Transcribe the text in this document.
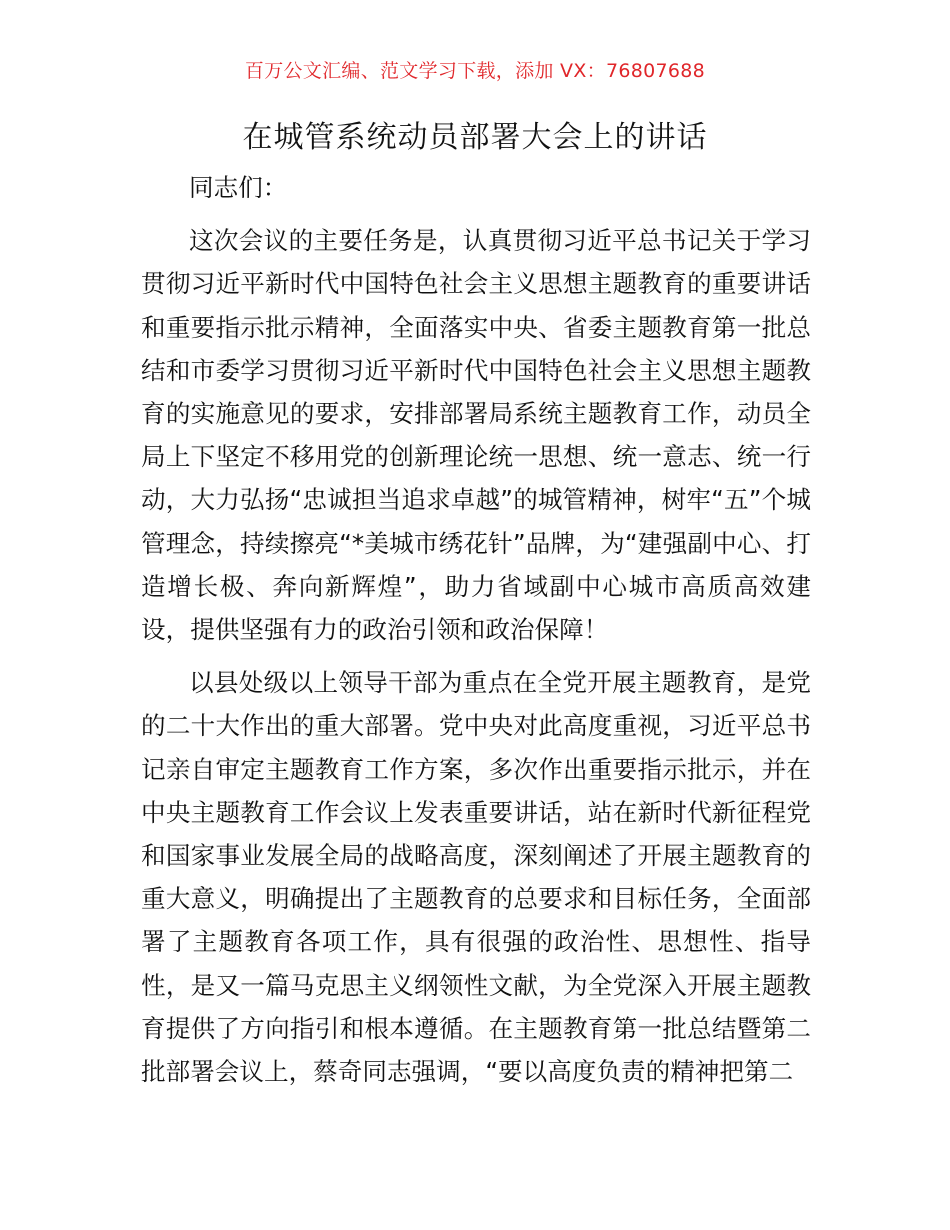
百万公文汇编、范文学习下载，添加 VX：76807688
在城管系统动员部署大会上的讲话

同志们：

这次会议的主要任务是，认真贯彻习近平总书记关于学习贯彻习近平新时代中国特色社会主义思想主题教育的重要讲话和重要指示批示精神，全面落实中央、省委主题教育第一批总结和市委学习贯彻习近平新时代中国特色社会主义思想主题教育的实施意见的要求，安排部署局系统主题教育工作，动员全局上下坚定不移用党的创新理论统一思想、统一意志、统一行动，大力弘扬“忠诚担当追求卓越”的城管精神，树牢“五”个城管理念，持续擦亮“*美城市绣花针”品牌，为“建强副中心、打造增长极、奔向新辉煌”，助力省域副中心城市高质高效建设，提供坚强有力的政治引领和政治保障！

以县处级以上领导干部为重点在全党开展主题教育，是党的二十大作出的重大部署。党中央对此高度重视，习近平总书记亲自审定主题教育工作方案，多次作出重要指示批示，并在中央主题教育工作会议上发表重要讲话，站在新时代新征程党和国家事业发展全局的战略高度，深刻阐述了开展主题教育的重大意义，明确提出了主题教育的总要求和目标任务，全面部署了主题教育各项工作，具有很强的政治性、思想性、指导性，是又一篇马克思主义纲领性文献，为全党深入开展主题教育提供了方向指引和根本遵循。在主题教育第一批总结暨第二批部署会议上，蔡奇同志强调，“要以高度负责的精神把第二
